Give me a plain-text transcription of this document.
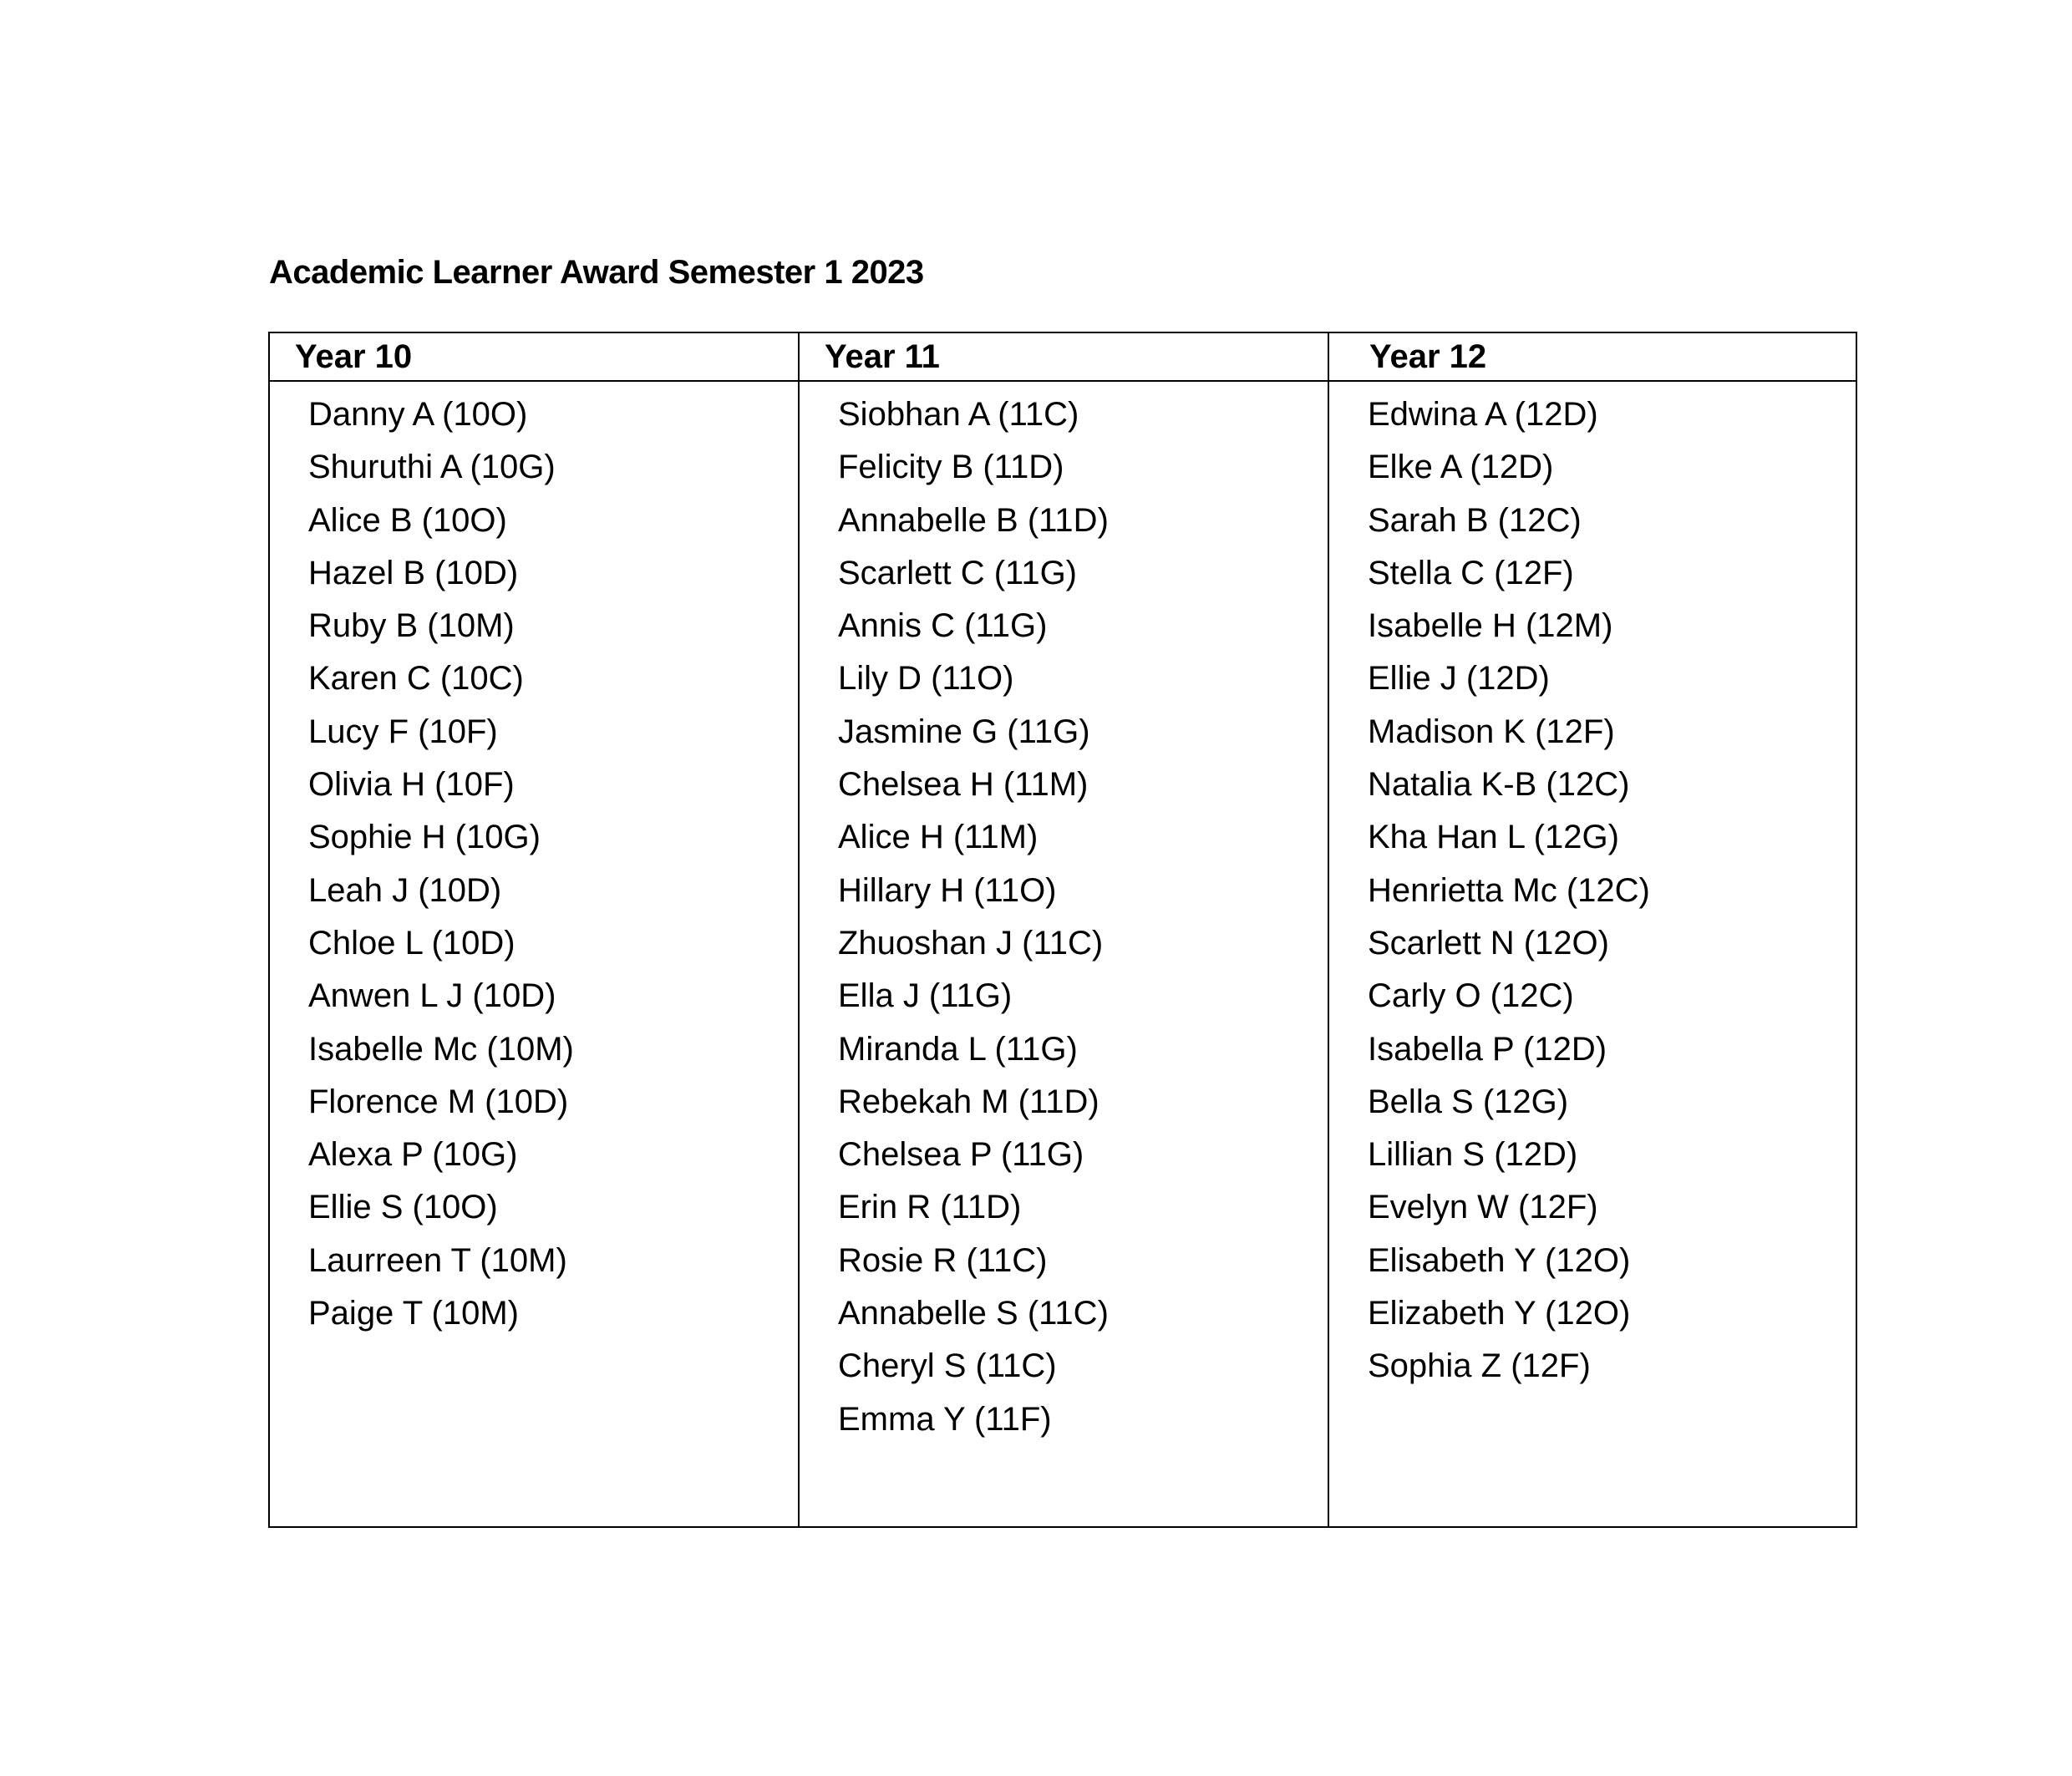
Academic Learner Award Semester 1 2023
Year 10
Danny A (10O)
Shuruthi A (10G)
Alice B (10O)
Hazel B (10D)
Ruby B (10M)
Karen C (10C)
Lucy F (10F)
Olivia H (10F)
Sophie H (10G)
Leah J (10D)
Chloe L (10D)
Anwen L J (10D)
Isabelle Mc (10M)
Florence M (10D)
Alexa P (10G)
Ellie S (10O)
Laurreen T (10M)
Paige T (10M)
Year 11
Siobhan A (11C)
Felicity B (11D)
Annabelle B (11D)
Scarlett C (11G)
Annis C (11G)
Lily D (11O)
Jasmine G (11G)
Chelsea H (11M)
Alice H (11M)
Hillary H (11O)
Zhuoshan J (11C)
Ella J (11G)
Miranda L (11G)
Rebekah M (11D)
Chelsea P (11G)
Erin R (11D)
Rosie R (11C)
Annabelle S (11C)
Cheryl S (11C)
Emma Y (11F)
Year 12
Edwina A (12D)
Elke A (12D)
Sarah B (12C)
Stella C (12F)
Isabelle H (12M)
Ellie J (12D)
Madison K (12F)
Natalia K-B (12C)
Kha Han L (12G)
Henrietta Mc (12C)
Scarlett N (12O)
Carly O (12C)
Isabella P (12D)
Bella S (12G)
Lillian S (12D)
Evelyn W (12F)
Elisabeth Y (12O)
Elizabeth Y (12O)
Sophia Z (12F)
